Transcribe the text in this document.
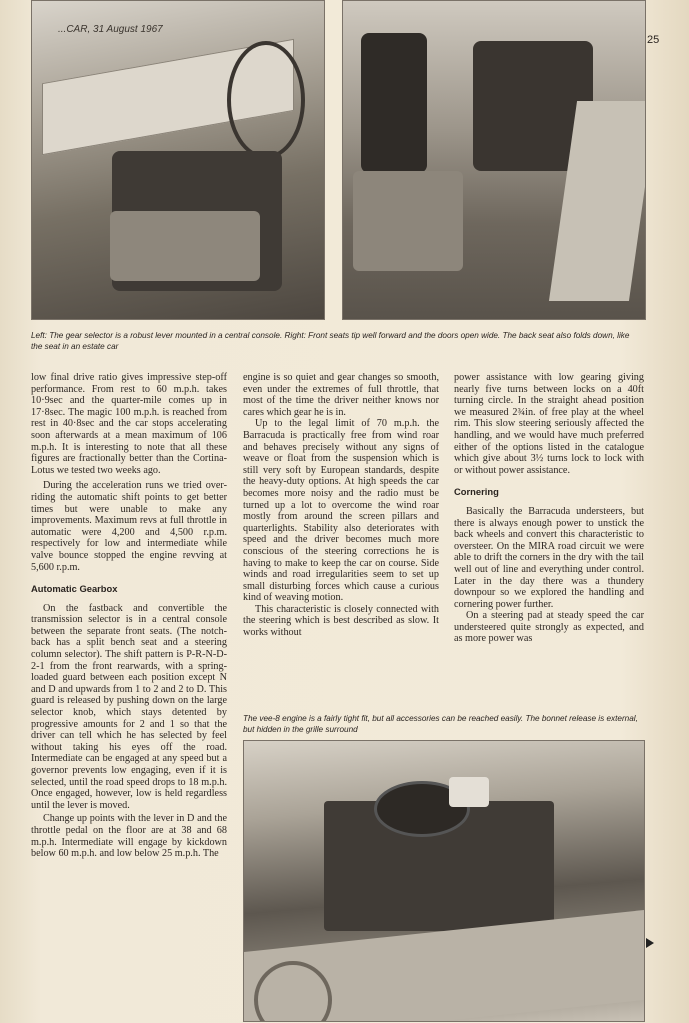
...CAR, 31 August 1967
25
Left: The gear selector is a robust lever mounted in a central console. Right: Front seats tip well forward and the doors open wide. The back seat also folds down, like the seat in an estate car

low final drive ratio gives impressive step-off performance. From rest to 60 m.p.h. takes 10·9sec and the quarter-mile comes up in 17·8sec. The magic 100 m.p.h. is reached from rest in 40·8sec and the car stops accelerating soon afterwards at a mean maximum of 106 m.p.h. It is interesting to note that all these figures are fractionally better than the Cortina-Lotus we tested two weeks ago.

During the acceleration runs we tried over-riding the automatic shift points to get better times but were unable to make any improvements. Maximum revs at full throttle in automatic were 4,200 and 4,500 r.p.m. respectively for low and intermediate while valve bounce stopped the engine revving at 5,600 r.p.m.

Automatic Gearbox

On the fastback and convertible the transmission selector is in a central console between the separate front seats. (The notch-back has a split bench seat and a steering column selector). The shift pattern is P-R-N-D-2-1 from the front rearwards, with a spring-loaded guard between each position except N and D and upwards from 1 to 2 and 2 to D. This guard is released by pushing down on the large selector knob, which stays detented by progressive amounts for 2 and 1 so that the driver can tell which he has selected by feel without taking his eyes off the road. Intermediate can be engaged at any speed but a governor prevents low engaging, even if it is selected, until the road speed drops to 18 m.p.h. Once engaged, however, low is held regardless until the lever is moved.

Change up points with the lever in D and the throttle pedal on the floor are at 38 and 68 m.p.h. Intermediate will engage by kickdown below 60 m.p.h. and low below 25 m.p.h. The

engine is so quiet and gear changes so smooth, even under the extremes of full throttle, that most of the time the driver neither knows nor cares which gear he is in.

Up to the legal limit of 70 m.p.h. the Barracuda is practically free from wind roar and behaves precisely without any signs of weave or float from the suspension which is still very soft by European standards, despite the heavy-duty options. At high speeds the car becomes more noisy and the radio must be turned up a lot to overcome the wind roar mostly from around the screen pillars and quarterlights. Stability also deteriorates with speed and the driver becomes much more conscious of the steering corrections he is having to make to keep the car on course. Side winds and road irregularities seem to set up small disturbing forces which cause a curious kind of weaving motion.

This characteristic is closely connected with the steering which is best described as slow. It works without

power assistance with low gearing giving nearly five turns between locks on a 40ft turning circle. In the straight ahead position we measured 2¾in. of free play at the wheel rim. This slow steering seriously affected the handling, and we would have much preferred either of the options listed in the catalogue which give about 3½ turns lock to lock with or without power assistance.

Cornering

Basically the Barracuda understeers, but there is always enough power to unstick the back wheels and convert this characteristic to oversteer. On the MIRA road circuit we were able to drift the corners in the dry with the tail well out of line and everything under control. Later in the day there was a thundery downpour so we explored the handling and cornering power further.

On a steering pad at steady speed the car understeered quite strongly as expected, and as more power was

The vee-8 engine is a fairly tight fit, but all accessories can be reached easily. The bonnet release is external, but hidden in the grille surround
